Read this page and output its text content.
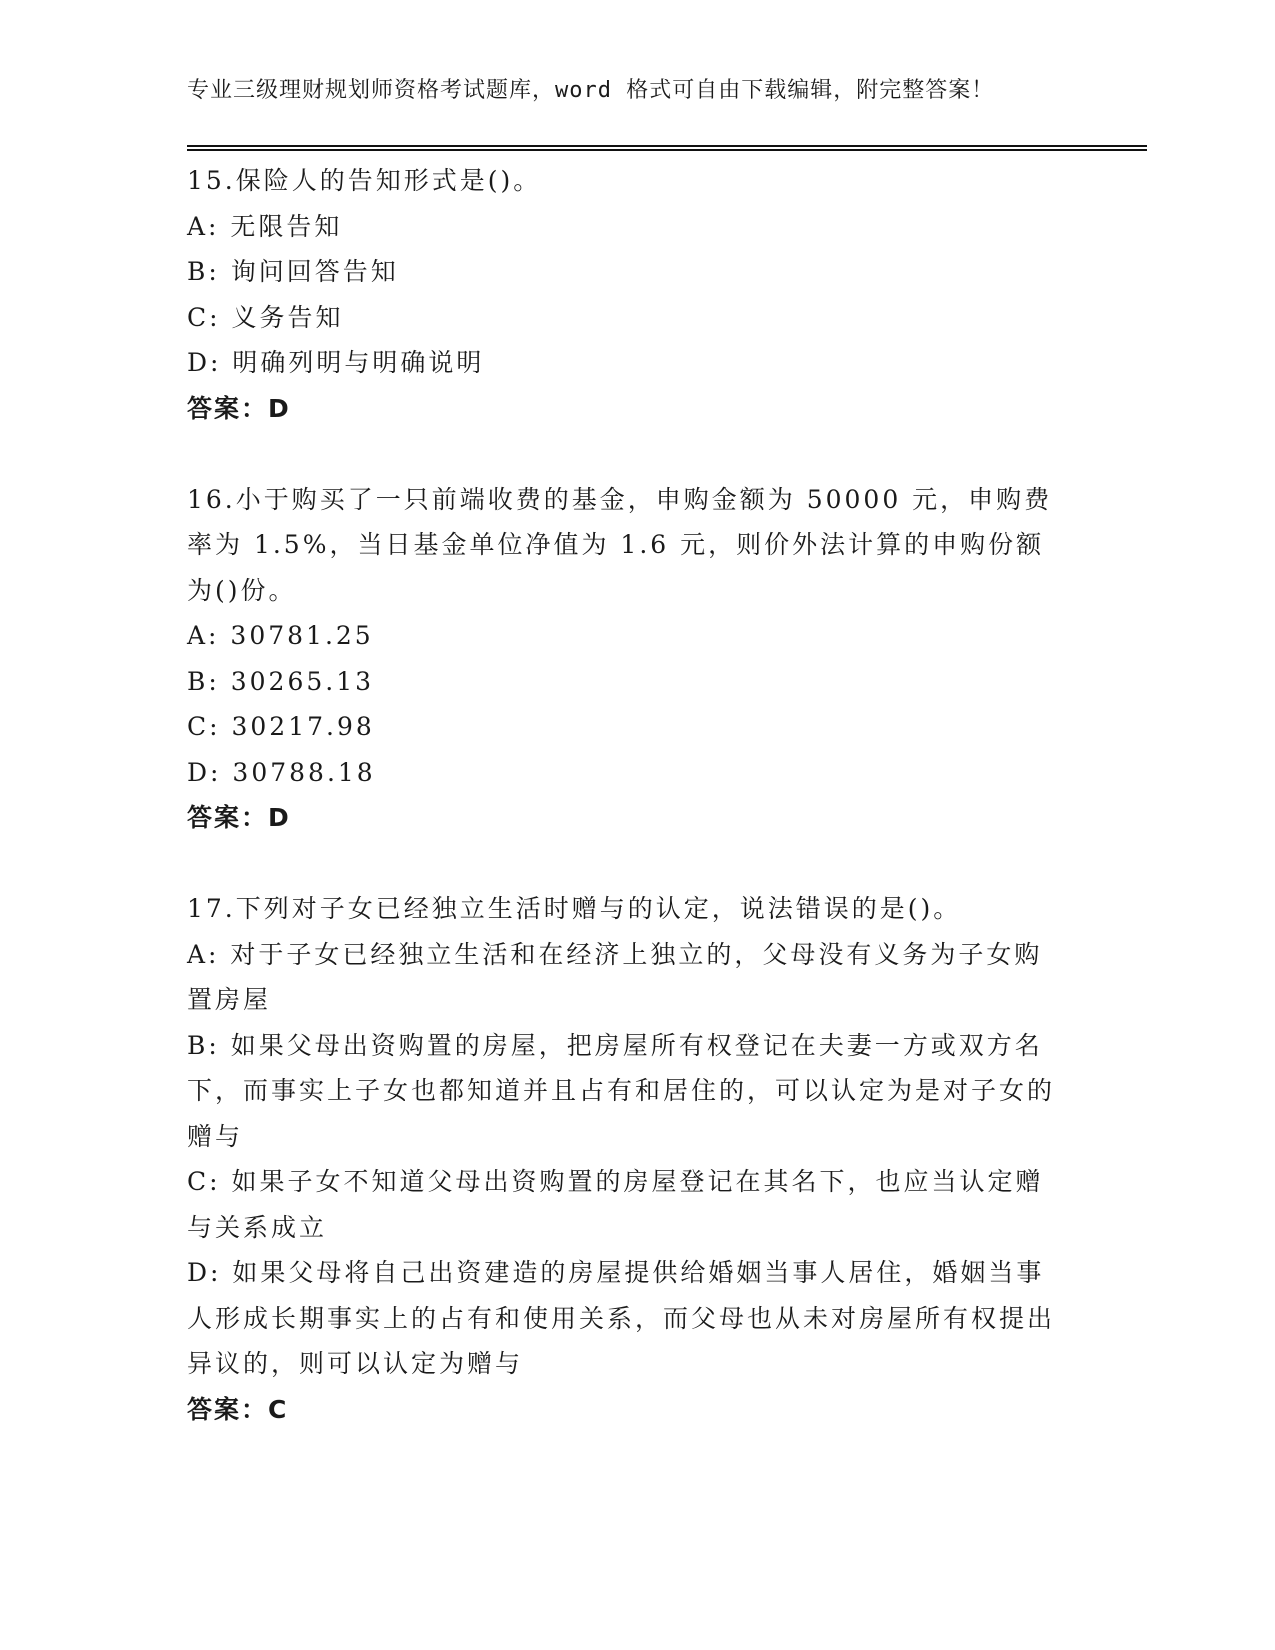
专业三级理财规划师资格考试题库，word 格式可自由下载编辑，附完整答案！
15.保险人的告知形式是()。
A: 无限告知
B: 询问回答告知
C: 义务告知
D: 明确列明与明确说明
答案：D
16.小于购买了一只前端收费的基金，申购金额为 50000 元，申购费率为 1.5%，当日基金单位净值为 1.6 元，则价外法计算的申购份额为()份。
A: 30781.25
B: 30265.13
C: 30217.98
D: 30788.18
答案：D
17.下列对子女已经独立生活时赠与的认定，说法错误的是()。
A: 对于子女已经独立生活和在经济上独立的，父母没有义务为子女购置房屋
B: 如果父母出资购置的房屋，把房屋所有权登记在夫妻一方或双方名下，而事实上子女也都知道并且占有和居住的，可以认定为是对子女的赠与
C: 如果子女不知道父母出资购置的房屋登记在其名下，也应当认定赠与关系成立
D: 如果父母将自己出资建造的房屋提供给婚姻当事人居住，婚姻当事人形成长期事实上的占有和使用关系，而父母也从未对房屋所有权提出异议的，则可以认定为赠与
答案：C
